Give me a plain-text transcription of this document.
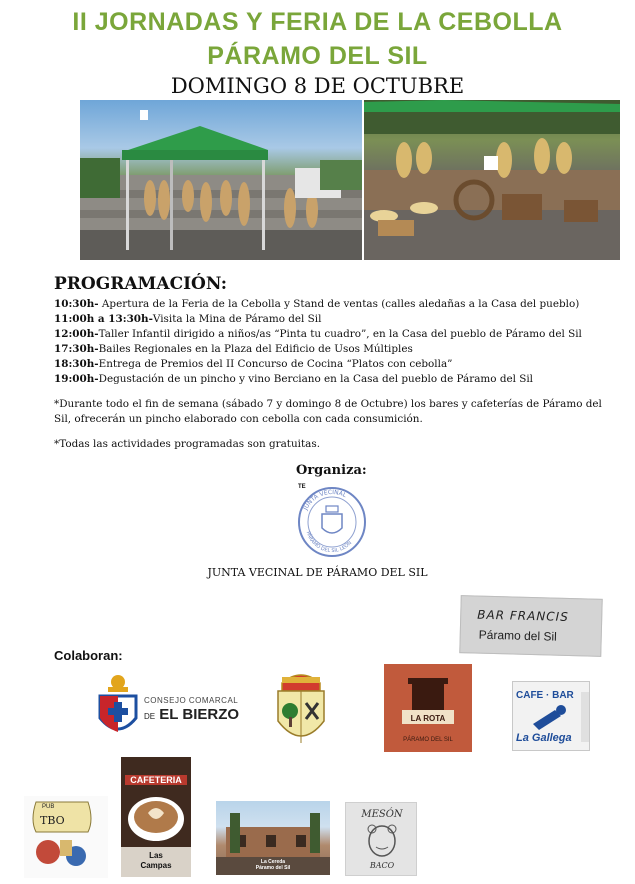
II JORNADAS Y FERIA DE LA CEBOLLA
PÁRAMO DEL SIL
DOMINGO 8 DE OCTUBRE
PROGRAMACIÓN:
10:30h- Apertura de la Feria de la Cebolla y Stand de ventas (calles aledañas a la Casa del pueblo)
11:00h a 13:30h-Visita la Mina de Páramo del Sil
12:00h-Taller Infantil dirigido a niños/as “Pinta tu cuadro”, en la Casa del pueblo de Páramo del Sil
17:30h-Bailes Regionales en la Plaza del Edificio de Usos Múltiples
18:30h-Entrega de Premios del II Concurso de Cocina “Platos con cebolla”
19:00h-Degustación de un pincho y vino Berciano en la Casa del pueblo de Páramo del Sil
*Durante todo el fin de semana (sábado 7 y domingo 8 de Octubre) los bares y cafeterías de Páramo del Sil, ofrecerán un pincho elaborado con cebolla con cada consumición.
*Todas las actividades programadas son gratuitas.
Organiza:
TE
JUNTA VECINAL
PÁRAMO DEL SIL LEÓN
JUNTA VECINAL DE PÁRAMO DEL SIL
BAR FRANCIS
Páramo del Sil
Colaboran:
CONSEJO COMARCAL
DE EL BIERZO	LA ROTA
PÁRAMO DEL SIL
CAFE · BAR
La Gallega
PUB
TBO
CAFETERIA
Las
Campas	La Cereda
Páramo del Sil
MESÓN
BACO
